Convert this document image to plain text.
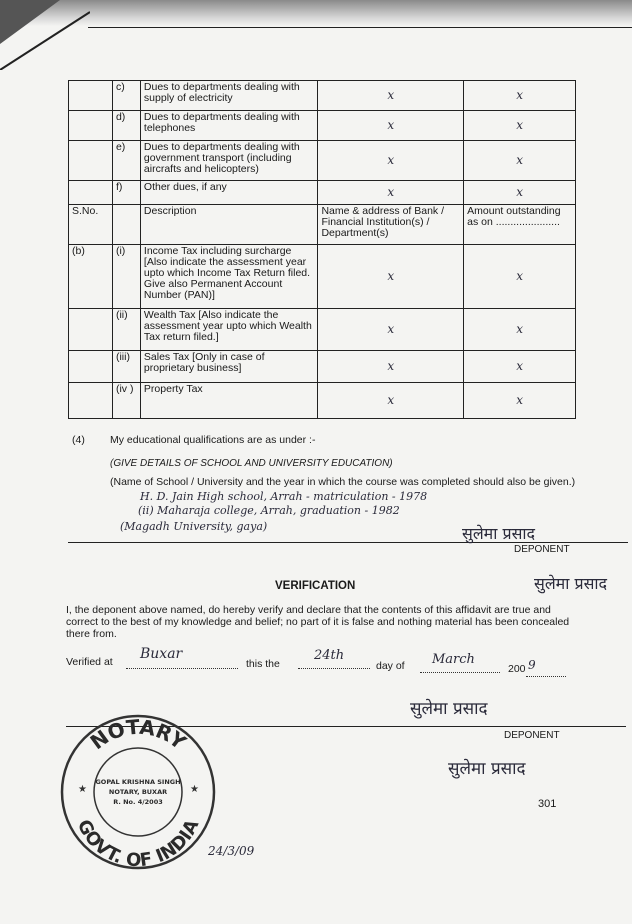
	c)	Dues to departments dealing with supply of electricity	x	x
	d)	Dues to departments dealing with telephones	x	x
	e)	Dues to departments dealing with government transport (including aircrafts and helicopters)	x	x
	f)	Other dues, if any	x	x
S.No.		Description	Name & address of Bank / Financial Institution(s) / Department(s)	Amount outstanding as on ......................
(b)	(i)	Income Tax including surcharge [Also indicate the assessment year upto which Income Tax Return filed. Give also Permanent Account Number (PAN)]	x	x
	(ii)	Wealth Tax [Also indicate the assessment year upto which Wealth Tax return filed.]	x	x
	(iii)	Sales Tax [Only in case of proprietary business]	x	x
	(iv )	Property Tax	x	x
(4) My educational qualifications are as under :-
(GIVE DETAILS OF SCHOOL AND UNIVERSITY EDUCATION)
(Name of School / University and the year in which the course was completed should also be given.)
H. D. Jain High school, Arrah - matriculation - 1978
(ii) Maharaja college, Arrah, graduation - 1982
(Magadh University, gaya)	सुलेमा प्रसाद
DEPONENT
सुलेमा प्रसाद
VERIFICATION
I, the deponent above named, do hereby verify and declare that the contents of this affidavit are true and correct to the best of my knowledge and belief; no part of it is false and nothing material has been concealed there from.
Verified at Buxar
this the
24th
day of March
200 9
सुलेमा प्रसाद
DEPONENT
सुलेमा प्रसाद
301
NOTARY
GOVT. OF INDIA
GOPAL KRISHNA SINGH
NOTARY, BUXAR
R. No. 4/2003
★	★
24/3/09
